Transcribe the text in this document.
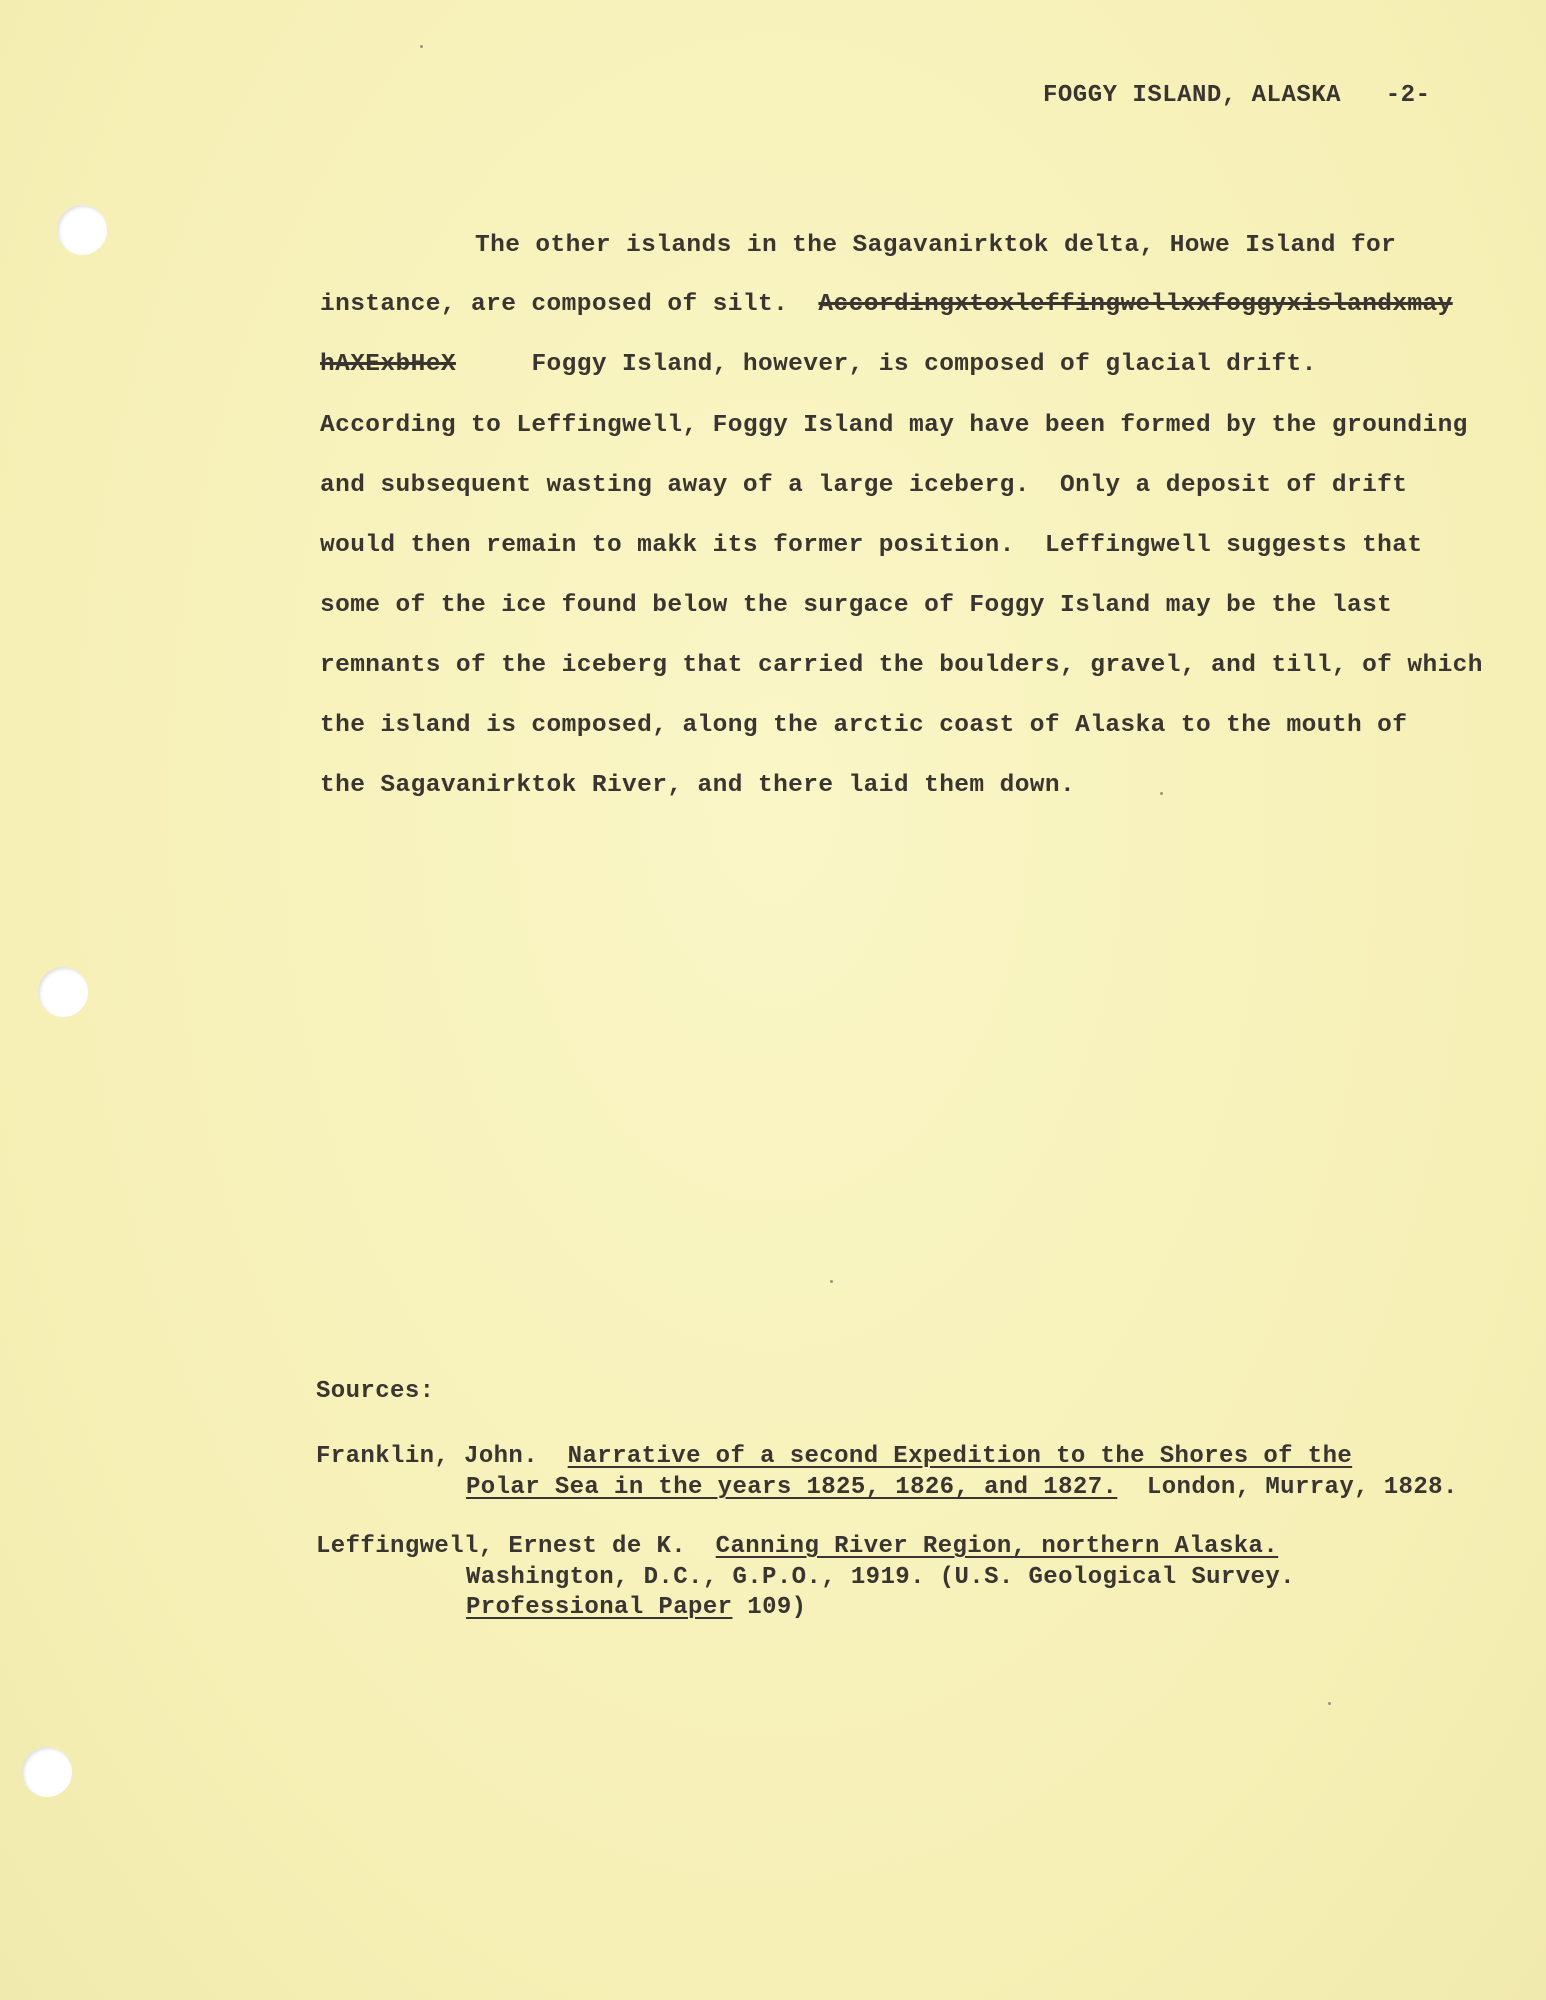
FOGGY ISLAND, ALASKA -2-
The other islands in the Sagavanirktok delta, Howe Island for
instance, are composed of silt. Accordingxtoxleffingwellxxfoggyxislandxmay
hAXExbHeX	Foggy Island, however, is composed of glacial drift.
According to Leffingwell, Foggy Island may have been formed by the grounding
and subsequent wasting away of a large iceberg.  Only a deposit of drift
would then remain to makk its former position.  Leffingwell suggests that
some of the ice found below the surgace of Foggy Island may be the last
remnants of the iceberg that carried the boulders, gravel, and till, of which
the island is composed, along the arctic coast of Alaska to the mouth of
the Sagavanirktok River, and there laid them down.
Sources:
Franklin, John. Narrative of a second Expedition to the Shores of the
Polar Sea in the years 1825, 1826, and 1827. London, Murray, 1828.
Leffingwell, Ernest de K. Canning River Region, northern Alaska.
Washington, D.C., G.P.O., 1919. (U.S. Geological Survey.
Professional Paper 109)
